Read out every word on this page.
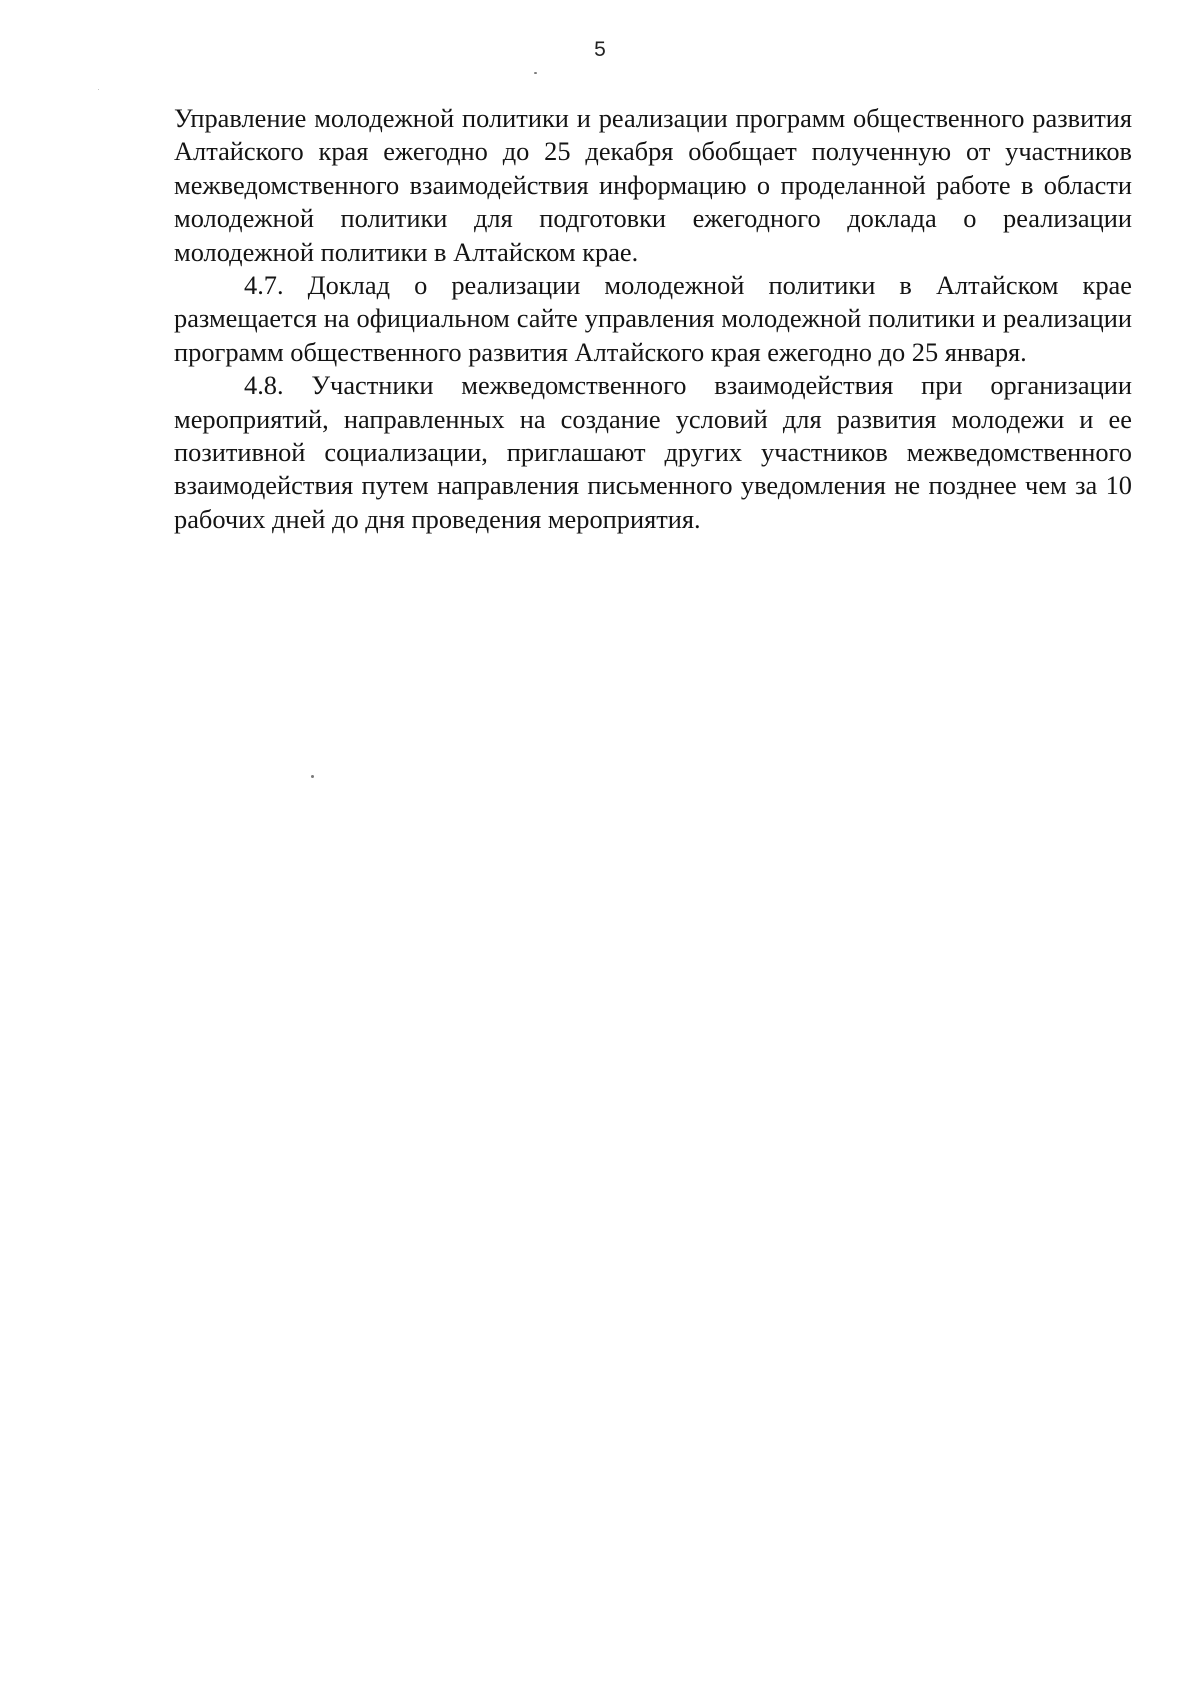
5

Управление молодежной политики и реализации программ общественного развития Алтайского края ежегодно до 25 декабря обобщает полученную от участников межведомственного взаимодействия информацию о проделанной работе в области молодежной политики для подготовки ежегодного доклада о реализации молодежной политики в Алтайском крае.

4.7. Доклад о реализации молодежной политики в Алтайском крае размещается на официальном сайте управления молодежной политики и реализации программ общественного развития Алтайского края ежегодно до 25 января.

4.8. Участники межведомственного взаимодействия при организации мероприятий, направленных на создание условий для развития молодежи и ее позитивной социализации, приглашают других участников межведомственного взаимодействия путем направления письменного уведомления не позднее чем за 10 рабочих дней до дня проведения мероприятия.
